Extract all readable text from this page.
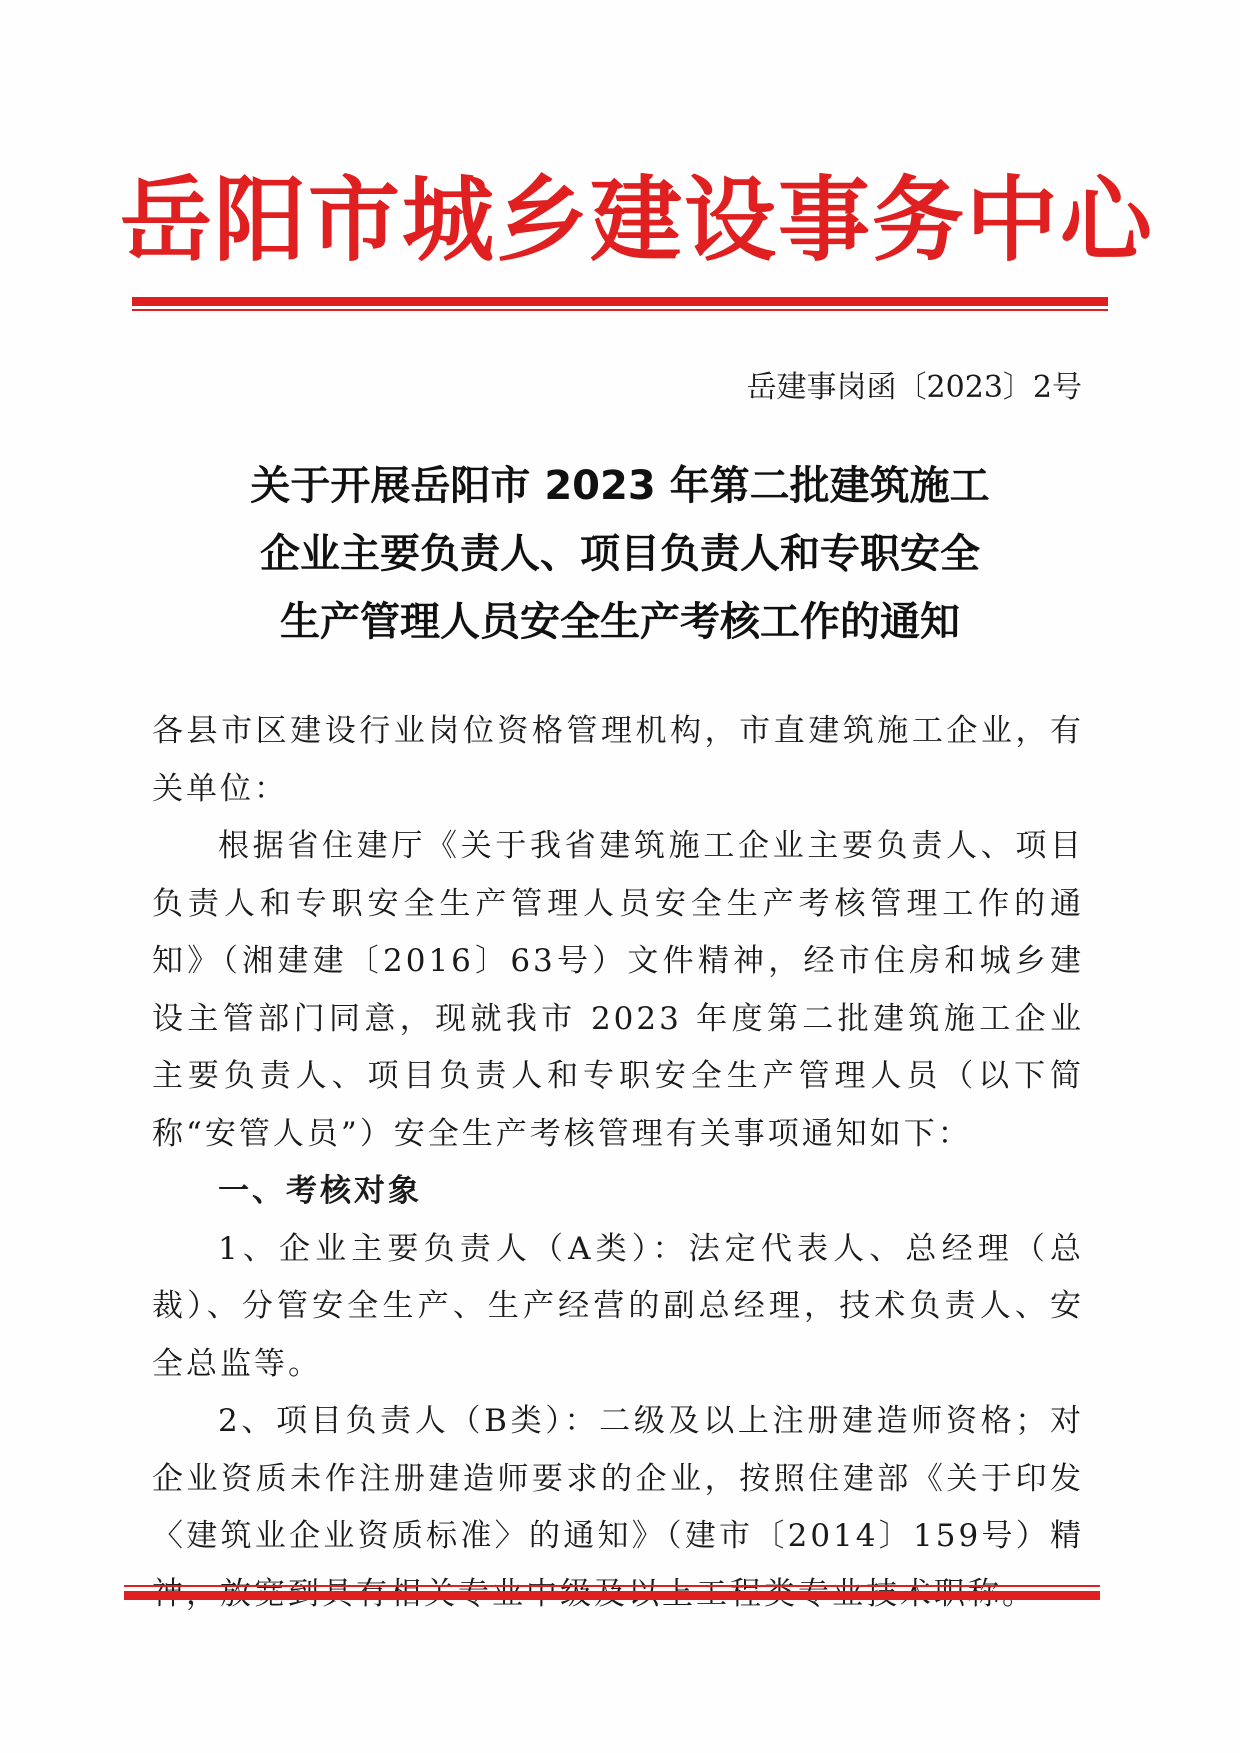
岳阳市城乡建设事务中心
岳建事岗函〔2023〕2号
关于开展岳阳市 2023 年第二批建筑施工
企业主要负责人、项目负责人和专职安全
生产管理人员安全生产考核工作的通知

各县市区建设行业岗位资格管理机构，市直建筑施工企业，有关单位：

根据省住建厅《关于我省建筑施工企业主要负责人、项目负责人和专职安全生产管理人员安全生产考核管理工作的通知》（湘建建〔2016〕63号）文件精神，经市住房和城乡建设主管部门同意，现就我市 2023 年度第二批建筑施工企业主要负责人、项目负责人和专职安全生产管理人员（以下简称“安管人员”）安全生产考核管理有关事项通知如下：

一、考核对象

1、企业主要负责人（A类）：法定代表人、总经理（总裁）、分管安全生产、生产经营的副总经理，技术负责人、安全总监等。

2、项目负责人（B类）：二级及以上注册建造师资格；对企业资质未作注册建造师要求的企业，按照住建部《关于印发〈建筑业企业资质标准〉的通知》（建市〔2014〕159号）精
